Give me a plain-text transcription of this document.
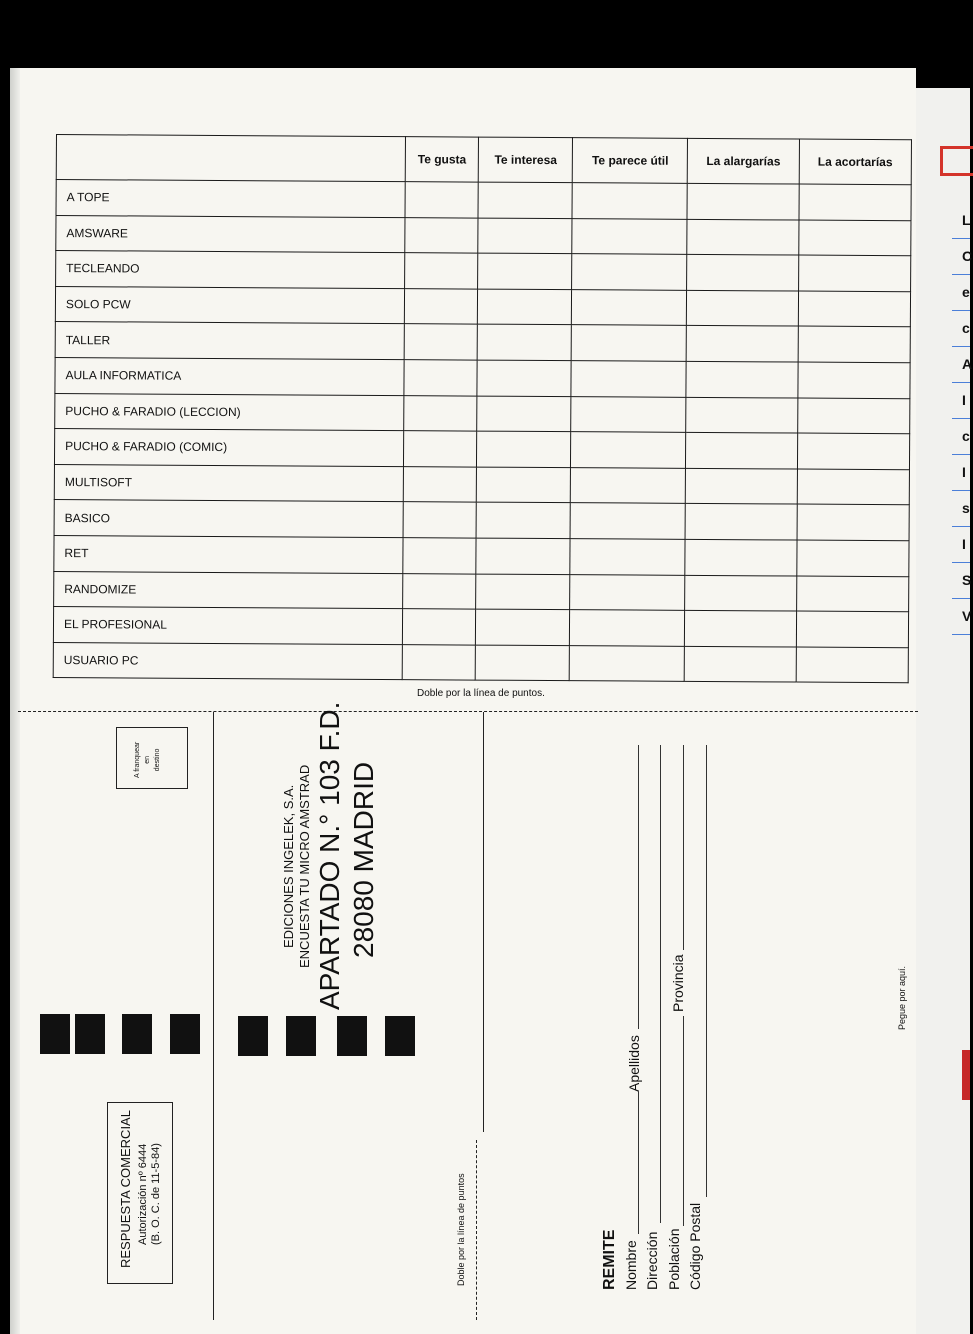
L
C
e
c
A
I
c
I
s
I
S
V
	Te gusta	Te interesa	Te parece útil	La alargarías	La acortarías
A TOPE					
AMSWARE					
TECLEANDO					
SOLO PCW					
TALLER					
AULA INFORMATICA					
PUCHO & FARADIO (LECCION)					
PUCHO & FARADIO (COMIC)					
MULTISOFT					
BASICO					
RET					
RANDOMIZE					
EL PROFESIONAL					
USUARIO PC					
Doble por la línea de puntos.
A franquear en destino
RESPUESTA COMERCIAL Autorización nº 6444 (B. O. C. de 11-5-84)
EDICIONES INGELEK, S.A. ENCUESTA TU MICRO AMSTRAD APARTADO N.° 103 F.D. 28080 MADRID
Doble por la línea de puntos	REMITE Nombre
Apellidos
Dirección Población
Provincia
Código Postal
Pegue por aquí.
